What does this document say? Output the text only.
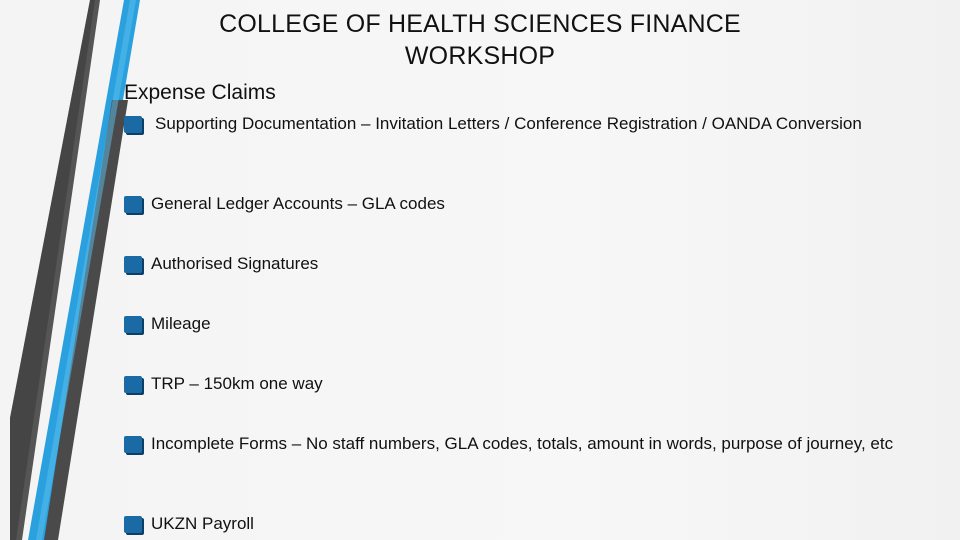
COLLEGE OF HEALTH SCIENCES FINANCE WORKSHOP
Expense Claims
Supporting Documentation – Invitation Letters / Conference Registration / OANDA Conversion
General Ledger Accounts – GLA codes
Authorised Signatures
Mileage
TRP – 150km one way
Incomplete Forms – No staff numbers, GLA codes, totals, amount in words, purpose of journey, etc
UKZN Payroll
